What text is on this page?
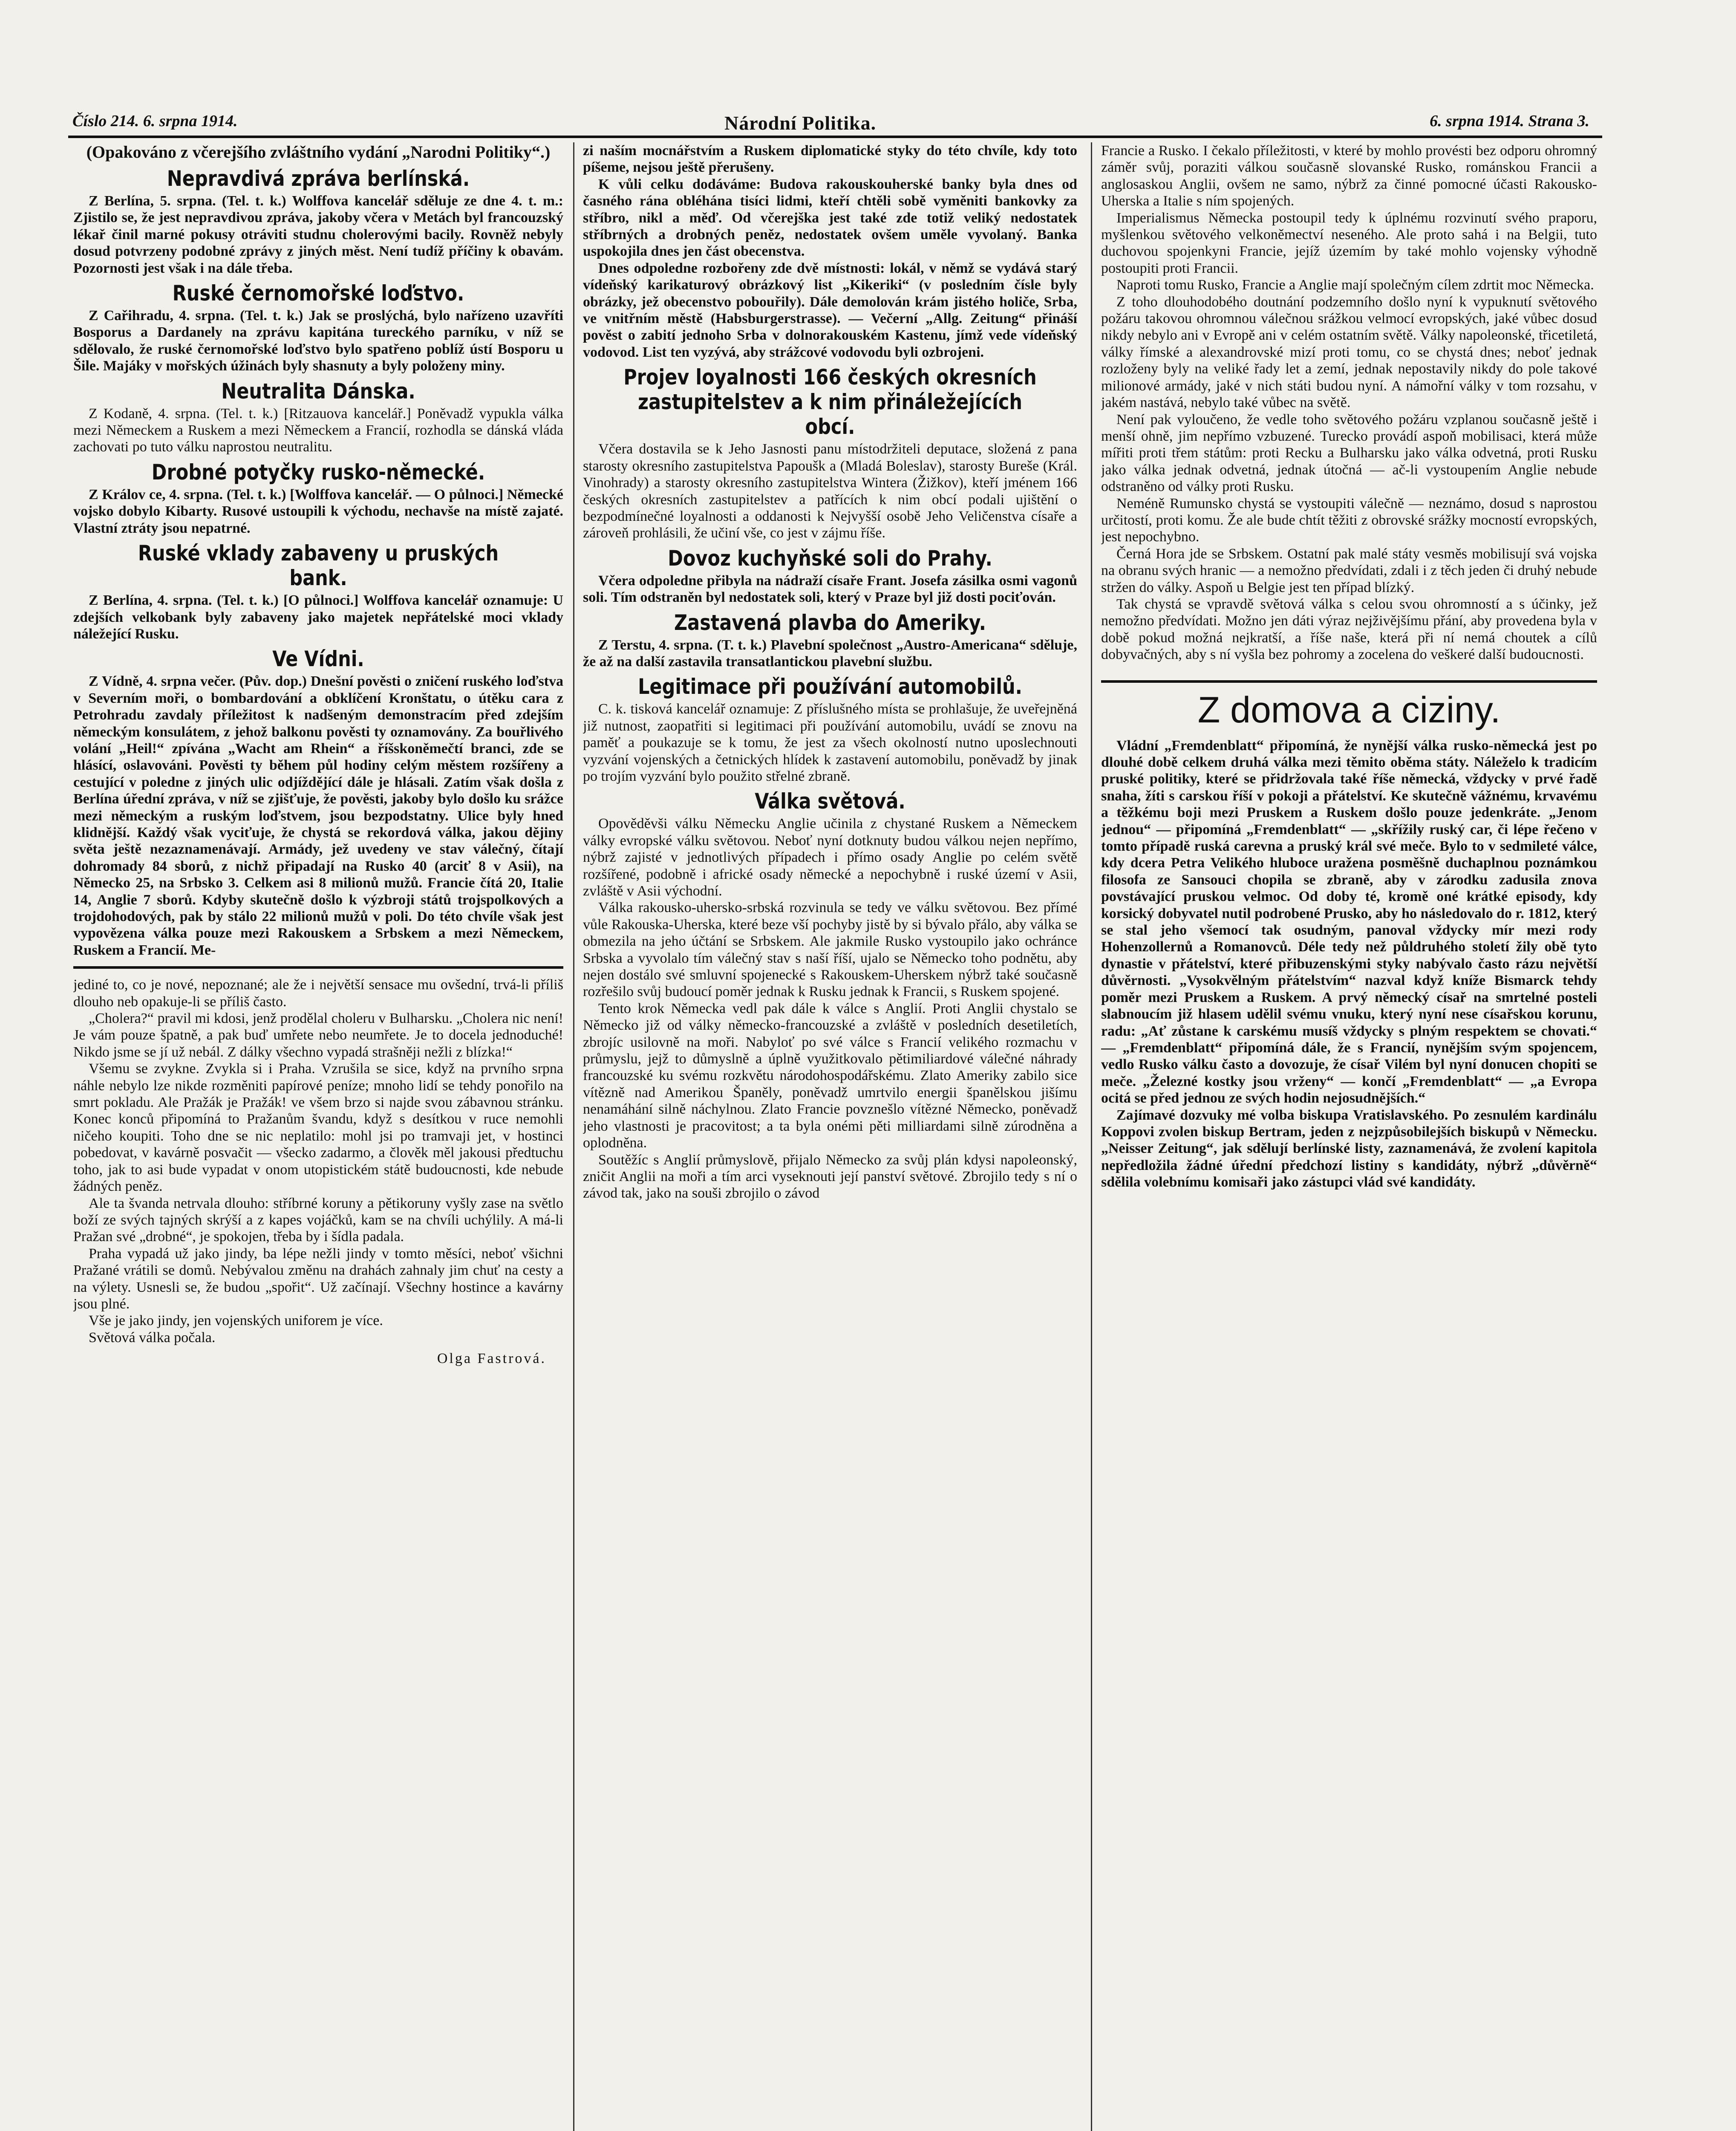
Číslo 214. 6. srpna 1914.	Národní Politika.	6. srpna 1914. Strana 3.
(Opakováno z včerejšího zvláštního vydání „Narodni Politiky“.)
Nepravdivá zpráva berlínská.

Z Berlína, 5. srpna. (Tel. t. k.) Wolffova kancelář sděluje ze dne 4. t. m.: Zjistilo se, že jest nepravdivou zpráva, jakoby včera v Metách byl francouzský lékař činil marné pokusy otráviti studnu cholerovými bacily. Rovněž nebyly dosud potvrzeny podobné zprávy z jiných měst. Není tudíž příčiny k obavám. Pozornosti jest však i na dále třeba.

Ruské černomořské loďstvo.

Z Cařihradu, 4. srpna. (Tel. t. k.) Jak se proslýchá, bylo nařízeno uzavříti Bosporus a Dardanely na zprávu kapitána tureckého parníku, v níž se sdělovalo, že ruské černomořské loďstvo bylo spatřeno poblíž ústí Bosporu u Šile. Majáky v mořských úžinách byly shasnuty a byly položeny miny.

Neutralita Dánska.

Z Kodaně, 4. srpna. (Tel. t. k.) [Ritzauova kancelář.] Poněvadž vypukla válka mezi Německem a Ruskem a mezi Německem a Francií, rozhodla se dánská vláda zachovati po tuto válku naprostou neutralitu.

Drobné potyčky rusko-německé.

Z Králov ce, 4. srpna. (Tel. t. k.) [Wolffova kancelář. — O půlnoci.] Německé vojsko dobylo Kibarty. Rusové ustoupili k východu, nechavše na místě zajaté. Vlastní ztráty jsou nepatrné.

Ruské vklady zabaveny u pruských bank.

Z Berlína, 4. srpna. (Tel. t. k.) [O půlnoci.] Wolffova kancelář oznamuje: U zdejších velkobank byly zabaveny jako majetek nepřátelské moci vklady náležející Rusku.

Ve Vídni.

Z Vídně, 4. srpna večer. (Pův. dop.) Dnešní pověsti o zničení ruského loďstva v Severním moři, o bombardování a obklíčení Kronštatu, o útěku cara z Petrohradu zavdaly příležitost k nadšeným demonstracím před zdejším německým konsulátem, z jehož balkonu pověsti ty oznamovány. Za bouřlivého volání „Heil!“ zpívána „Wacht am Rhein“ a říšskoněmečtí branci, zde se hlásící, oslavováni. Pověsti ty během půl hodiny celým městem rozšířeny a cestující v poledne z jiných ulic odjíždějící dále je hlásali. Zatím však došla z Berlína úřední zpráva, v níž se zjišťuje, že pověsti, jakoby bylo došlo ku srážce mezi německým a ruským loďstvem, jsou bezpodstatny. Ulice byly hned klidnější. Každý však vyciťuje, že chystá se rekordová válka, jakou dějiny světa ještě nezaznamenávají. Armády, jež uvedeny ve stav válečný, čítají dohromady 84 sborů, z nichž připadají na Rusko 40 (arciť 8 v Asii), na Německo 25, na Srbsko 3. Celkem asi 8 milionů mužů. Francie čítá 20, Italie 14, Anglie 7 sborů. Kdyby skutečně došlo k výzbroji států trojspolkových a trojdohodových, pak by stálo 22 milionů mužů v poli. Do této chvíle však jest vypovězena válka pouze mezi Rakouskem a Srbskem a mezi Německem, Ruskem a Francií. Me-

jediné to, co je nové, nepoznané; ale že i největší sensace mu ovšední, trvá-li příliš dlouho neb opakuje-li se příliš často.

„Cholera?“ pravil mi kdosi, jenž prodělal choleru v Bulharsku. „Cholera nic není! Je vám pouze špatně, a pak buď umřete nebo neumřete. Je to docela jednoduché! Nikdo jsme se jí už nebál. Z dálky všechno vypadá strašněji nežli z blízka!“

Všemu se zvykne. Zvykla si i Praha. Vzrušila se sice, když na prvního srpna náhle nebylo lze nikde rozměniti papírové peníze; mnoho lidí se tehdy ponořilo na smrt pokladu. Ale Pražák je Pražák! ve všem brzo si najde svou zábavnou stránku. Konec konců připomíná to Pražanům švandu, když s desítkou v ruce nemohli ničeho koupiti. Toho dne se nic neplatilo: mohl jsi po tramvaji jet, v hostinci pobedovat, v kavárně posvačit — všecko zadarmo, a člověk měl jakousi předtuchu toho, jak to asi bude vypadat v onom utopistickém státě budoucnosti, kde nebude žádných peněz.

Ale ta švanda netrvala dlouho: stříbrné koruny a pětikoruny vyšly zase na světlo boží ze svých tajných skrýší a z kapes vojáčků, kam se na chvíli uchýlily. A má-li Pražan své „drobné“, je spokojen, třeba by i šídla padala.

Praha vypadá už jako jindy, ba lépe nežli jindy v tomto měsíci, neboť všichni Pražané vrátili se domů. Nebývalou změnu na drahách zahnaly jim chuť na cesty a na výlety. Usnesli se, že budou „spořit“. Už začínají. Všechny hostince a kavárny jsou plné.

Vše je jako jindy, jen vojenských uniforem je více.

Světová válka počala.

Olga Fastrová.

zi naším mocnářstvím a Ruskem diplomatické styky do této chvíle, kdy toto píšeme, nejsou ještě přerušeny.

K vůli celku dodáváme: Budova rakouskouherské banky byla dnes od časného rána obléhána tisíci lidmi, kteří chtěli sobě vyměniti bankovky za stříbro, nikl a měď. Od včerejška jest také zde totiž veliký nedostatek stříbrných a drobných peněz, nedostatek ovšem uměle vyvolaný. Banka uspokojila dnes jen část obecenstva.

Dnes odpoledne rozbořeny zde dvě místnosti: lokál, v němž se vydává starý vídeňský karikaturový obrázkový list „Kikeriki“ (v posledním čísle byly obrázky, jež obecenstvo pobouřily). Dále demolován krám jistého holiče, Srba, ve vnitřním městě (Habsburgerstrasse). — Večerní „Allg. Zeitung“ přináší pověst o zabití jednoho Srba v dolnorakouském Kastenu, jímž vede vídeňský vodovod. List ten vyzývá, aby strážcové vodovodu byli ozbrojeni.

Projev loyalnosti 166 českých okresních zastupitelstev a k nim přináležejících obcí.

Včera dostavila se k Jeho Jasnosti panu místodržiteli deputace, složená z pana starosty okresního zastupitelstva Papoušk a (Mladá Boleslav), starosty Bureše (Král. Vinohrady) a starosty okresního zastupitelstva Wintera (Žižkov), kteří jménem 166 českých okresních zastupitelstev a patřících k nim obcí podali ujištění o bezpodmínečné loyalnosti a oddanosti k Nejvyšší osobě Jeho Veličenstva císaře a zároveň prohlásili, že učiní vše, co jest v zájmu říše.

Dovoz kuchyňské soli do Prahy.

Včera odpoledne přibyla na nádraží císaře Frant. Josefa zásilka osmi vagonů soli. Tím odstraněn byl nedostatek soli, který v Praze byl již dosti pociťován.

Zastavená plavba do Ameriky.

Z Terstu, 4. srpna. (T. t. k.) Plavební společnost „Austro-Americana“ sděluje, že až na další zastavila transatlantickou plavební službu.

Legitimace při používání automobilů.

C. k. tisková kancelář oznamuje: Z příslušného místa se prohlašuje, že uveřejněná již nutnost, zaopatřiti si legitimaci při používání automobilu, uvádí se znovu na paměť a poukazuje se k tomu, že jest za všech okolností nutno uposlechnouti vyzvání vojenských a četnických hlídek k zastavení automobilu, poněvadž by jinak po trojím vyzvání bylo použito střelné zbraně.

Válka světová.

Opověděvši válku Německu Anglie učinila z chystané Ruskem a Německem války evropské válku světovou. Neboť nyní dotknuty budou válkou nejen nepřímo, nýbrž zajisté v jednotlivých případech i přímo osady Anglie po celém světě rozšířené, podobně i africké osady německé a nepochybně i ruské území v Asii, zvláště v Asii východní.

Válka rakousko-uhersko-srbská rozvinula se tedy ve válku světovou. Bez přímé vůle Rakouska-Uherska, které beze vší pochyby jistě by si bývalo přálo, aby válka se obmezila na jeho účtání se Srbskem. Ale jakmile Rusko vystoupilo jako ochránce Srbska a vyvolalo tím válečný stav s naší říší, ujalo se Německo toho podnětu, aby nejen dostálo své smluvní spojenecké s Rakouskem-Uherskem nýbrž také současně rozřešilo svůj budoucí poměr jednak k Rusku jednak k Francii, s Ruskem spojené.

Tento krok Německa vedl pak dále k válce s Anglií. Proti Anglii chystalo se Německo již od války německo-francouzské a zvláště v posledních desetiletích, zbrojíc usilovně na moři. Nabyloť po své válce s Francií velikého rozmachu v průmyslu, jejž to důmyslně a úplně využitkovalo pětimiliardové válečné náhrady francouzské ku svému rozkvětu národohospodářskému. Zlato Ameriky zabilo sice vítězně nad Amerikou Španěly, poněvadž umrtvilo energii španělskou jišímu nenamáhání silně náchylnou. Zlato Francie povznešlo vítězné Německo, poněvadž jeho vlastnosti je pracovitost; a ta byla onémi pěti milliardami silně zúrodněna a oplodněna.

Soutěžíc s Anglií průmyslově, přijalo Německo za svůj plán kdysi napoleonský, zničit Anglii na moři a tím arci vyseknouti její panství světové. Zbrojilo tedy s ní o závod tak, jako na souši zbrojilo o závod

Francie a Rusko. I čekalo příležitosti, v které by mohlo provésti bez odporu ohromný záměr svůj, poraziti válkou současně slovanské Rusko, románskou Francii a anglosaskou Anglii, ovšem ne samo, nýbrž za činné pomocné účasti Rakousko-Uherska a Italie s ním spojených.

Imperialismus Německa postoupil tedy k úplnému rozvinutí svého praporu, myšlenkou světového velkoněmectví neseného. Ale proto sahá i na Belgii, tuto duchovou spojenkyni Francie, jejíž územím by také mohlo vojensky výhodně postoupiti proti Francii.

Naproti tomu Rusko, Francie a Anglie mají společným cílem zdrtit moc Německa.

Z toho dlouhodobého doutnání podzemního došlo nyní k vypuknutí světového požáru takovou ohromnou válečnou srážkou velmocí evropských, jaké vůbec dosud nikdy nebylo ani v Evropě ani v celém ostatním světě. Války napoleonské, třicetiletá, války římské a alexandrovské mizí proti tomu, co se chystá dnes; neboť jednak rozloženy byly na veliké řady let a zemí, jednak nepostavily nikdy do pole takové milionové armády, jaké v nich státi budou nyní. A námořní války v tom rozsahu, v jakém nastává, nebylo také vůbec na světě.

Není pak vyloučeno, že vedle toho světového požáru vzplanou současně ještě i menší ohně, jim nepřímo vzbuzené. Turecko provádí aspoň mobilisaci, která může mířiti proti třem státům: proti Recku a Bulharsku jako válka odvetná, proti Rusku jako válka jednak odvetná, jednak útočná — ač-li vystoupením Anglie nebude odstraněno od války proti Rusku.

Neméně Rumunsko chystá se vystoupiti válečně — neznámo, dosud s naprostou určitostí, proti komu. Že ale bude chtít těžiti z obrovské srážky mocností evropských, jest nepochybno.

Černá Hora jde se Srbskem. Ostatní pak malé státy vesměs mobilisují svá vojska na obranu svých hranic — a nemožno předvídati, zdali i z těch jeden či druhý nebude stržen do války. Aspoň u Belgie jest ten případ blízký.

Tak chystá se vpravdě světová válka s celou svou ohromností a s účinky, jež nemožno předvídati. Možno jen dáti výraz nejživějšímu přání, aby provedena byla v době pokud možná nejkratší, a říše naše, která při ní nemá choutek a cílů dobyvačných, aby s ní vyšla bez pohromy a zocelena do veškeré další budoucnosti.

Z domova a ciziny.

Vládní „Fremdenblatt“ připomíná, že nynější válka rusko-německá jest po dlouhé době celkem druhá válka mezi těmito oběma státy. Náleželo k tradicím pruské politiky, které se přidržovala také říše německá, vždycky v prvé řadě snaha, žíti s carskou říší v pokoji a přátelství. Ke skutečně vážnému, krvavému a těžkému boji mezi Pruskem a Ruskem došlo pouze jedenkráte. „Jenom jednou“ — připomíná „Fremdenblatt“ — „skřížily ruský car, či lépe řečeno v tomto případě ruská carevna a pruský král své meče. Bylo to v sedmileté válce, kdy dcera Petra Velikého hluboce uražena posměšně duchaplnou poznámkou filosofa ze Sansouci chopila se zbraně, aby v zárodku zadusila znova povstávající pruskou velmoc. Od doby té, kromě oné krátké episody, kdy korsický dobyvatel nutil podrobené Prusko, aby ho následovalo do r. 1812, který se stal jeho všemocí tak osudným, panoval vždycky mír mezi rody Hohenzollernů a Romanovců. Déle tedy než půldruhého století žily obě tyto dynastie v přátelství, které přibuzenskými styky nabývalo často rázu největší důvěrnosti. „Vysokvělným přátelstvím“ nazval když kníže Bismarck tehdy poměr mezi Pruskem a Ruskem. A prvý německý císař na smrtelné posteli slabnoucím již hlasem udělil svému vnuku, který nyní nese císařskou korunu, radu: „Ať zůstane k carskému musíš vždycky s plným respektem se chovati.“ — „Fremdenblatt“ připomíná dále, že s Francií, nynějším svým spojencem, vedlo Rusko válku často a dovozuje, že císař Vilém byl nyní donucen chopiti se meče. „Železné kostky jsou vrženy“ — končí „Fremdenblatt“ — „a Evropa ocitá se před jednou ze svých hodin nejosudnějších.“

Zajímavé dozvuky mé volba biskupa Vratislavského. Po zesnulém kardinálu Koppovi zvolen biskup Bertram, jeden z nejzpůsobilejších biskupů v Německu. „Neisser Zeitung“, jak sdělují berlínské listy, zaznamenává, že zvolení kapitola nepředložila žádné úřední předchozí listiny s kandidáty, nýbrž „důvěrně“ sdělila volebnímu komisaři jako zástupci vlád své kandidáty.
